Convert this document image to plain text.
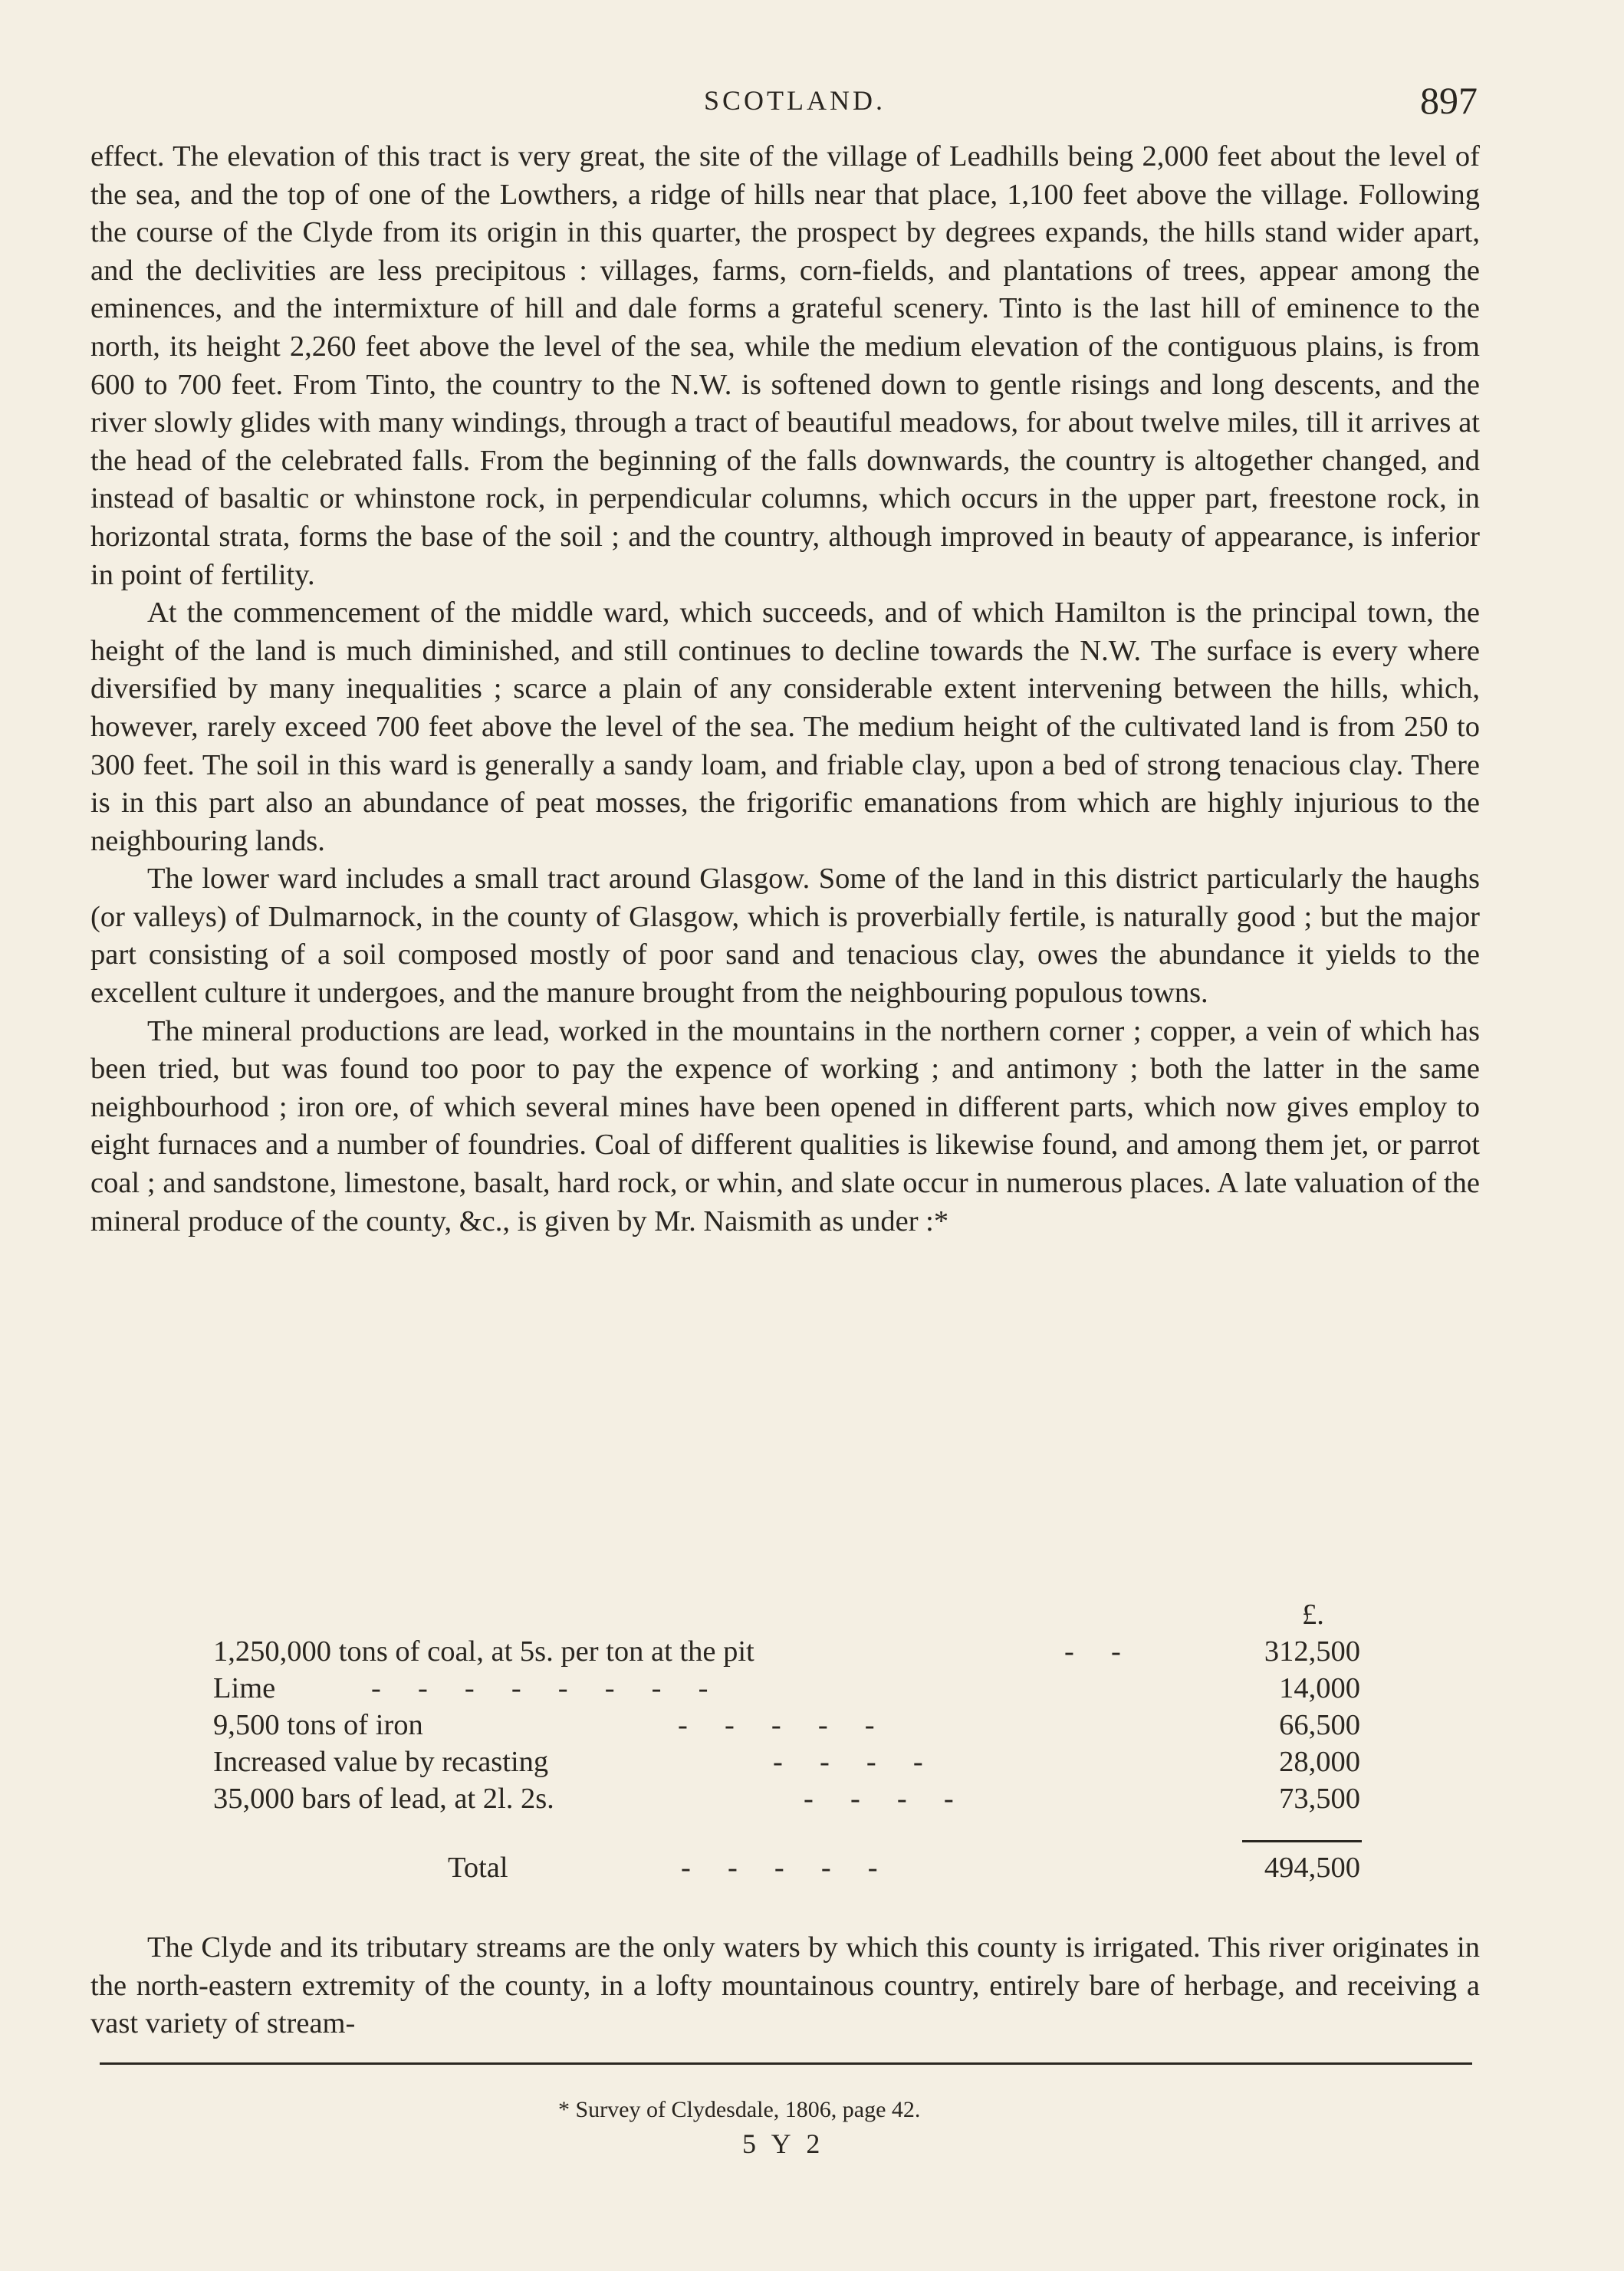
SCOTLAND.	897

effect. The elevation of this tract is very great, the site of the village of Leadhills being 2,000 feet about the level of the sea, and the top of one of the Lowthers, a ridge of hills near that place, 1,100 feet above the village. Following the course of the Clyde from its origin in this quarter, the prospect by degrees expands, the hills stand wider apart, and the declivities are less precipitous : villages, farms, corn-fields, and plantations of trees, appear among the eminences, and the intermixture of hill and dale forms a grateful scenery. Tinto is the last hill of eminence to the north, its height 2,260 feet above the level of the sea, while the medium elevation of the contiguous plains, is from 600 to 700 feet. From Tinto, the country to the N.W. is softened down to gentle risings and long descents, and the river slowly glides with many windings, through a tract of beautiful meadows, for about twelve miles, till it arrives at the head of the celebrated falls. From the beginning of the falls downwards, the country is altogether changed, and instead of basaltic or whinstone rock, in perpendicular columns, which occurs in the upper part, freestone rock, in horizontal strata, forms the base of the soil ; and the country, although improved in beauty of appearance, is inferior in point of fertility.

At the commencement of the middle ward, which succeeds, and of which Hamilton is the principal town, the height of the land is much diminished, and still continues to decline towards the N.W. The surface is every where diversified by many inequalities ; scarce a plain of any considerable extent intervening between the hills, which, however, rarely exceed 700 feet above the level of the sea. The medium height of the cultivated land is from 250 to 300 feet. The soil in this ward is generally a sandy loam, and friable clay, upon a bed of strong tenacious clay. There is in this part also an abundance of peat mosses, the frigorific emanations from which are highly injurious to the neighbouring lands.

The lower ward includes a small tract around Glasgow. Some of the land in this district particularly the haughs (or valleys) of Dulmarnock, in the county of Glasgow, which is proverbially fertile, is naturally good ; but the major part consisting of a soil composed mostly of poor sand and tenacious clay, owes the abundance it yields to the excellent culture it undergoes, and the manure brought from the neighbouring populous towns.

The mineral productions are lead, worked in the mountains in the northern corner ; copper, a vein of which has been tried, but was found too poor to pay the expence of working ; and antimony ; both the latter in the same neighbourhood ; iron ore, of which several mines have been opened in different parts, which now gives employ to eight furnaces and a number of foundries. Coal of different qualities is likewise found, and among them jet, or parrot coal ; and sandstone, limestone, basalt, hard rock, or whin, and slate occur in numerous places. A late valuation of the mineral produce of the county, &c., is given by Mr. Naismith as under :*

£.
1,250,000 tons of coal, at 5s. per ton at the pit	-     -	312,500
Lime	-     -     -     -     -     -     -     -	14,000
9,500 tons of iron	-     -     -     -     -	66,500
Increased value by recasting	-     -     -     -	28,000
35,000 bars of lead, at 2l. 2s.	-     -     -     -	73,500
Total	-     -     -     -     -	494,500

The Clyde and its tributary streams are the only waters by which this county is irrigated. This river originates in the north-eastern extremity of the county, in a lofty mountainous country, entirely bare of herbage, and receiving a vast variety of stream-

* Survey of Clydesdale, 1806, page 42.
5 Y 2
